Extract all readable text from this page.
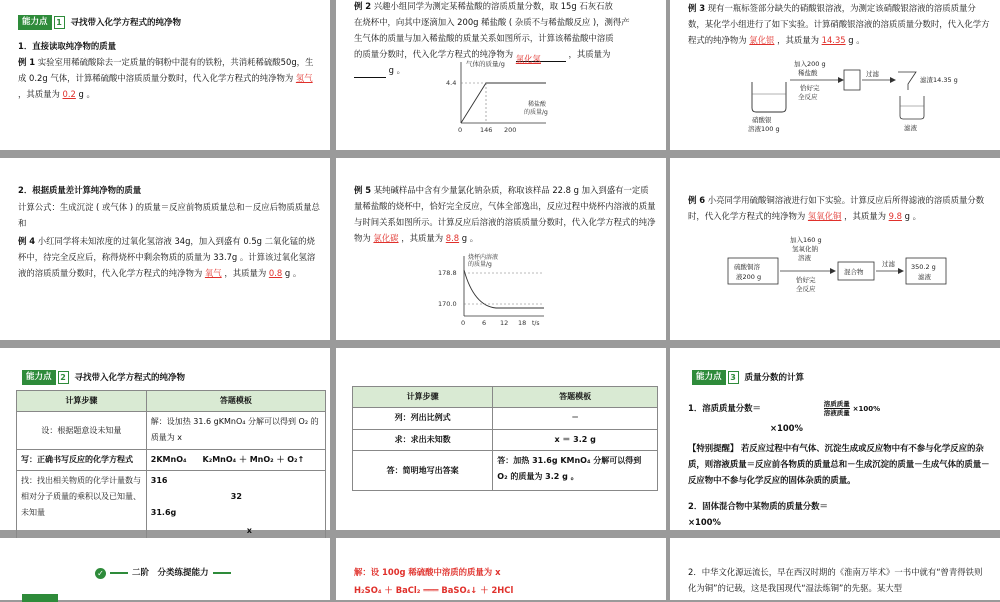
能力点	1	寻找带入化学方程式的纯净物

1．直接读取纯净物的质量

例 1 实验室用稀硫酸除去一定质量的铜粉中混有的铁粉，共消耗稀硫酸50g，生成 0.2g 气体，计算稀硫酸中溶质质量分数时，代入化学方程式的纯净物为 氢气 ，其质量为 0.2 g 。

例 2 兴趣小组同学为测定某稀盐酸的溶质质量分数，取 15g 石灰石放
在烧杯中，向其中逐滴加入 200g 稀盐酸 ( 杂质不与稀盐酸反应 )，测得产
生气体的质量与加入稀盐酸的质量关系如图所示，计算该稀盐酸中溶质
的质量分数时，代入化学方程式的纯净物为 氯化氢	，其质量为
g 。

气体的质量/g
4.4
0	146 200
稀盐酸
的质量/g

例 3 现有一瓶标签部分缺失的硝酸银溶液，为测定该硝酸银溶液的溶质质量分数，某化学小组进行了如下实验。计算硝酸银溶液的溶质质量分数时，代入化学方程式的纯净物为 氯化银 ，其质量为 14.35 g 。

硝酸银
溶液100 g
加入200 g
稀盐酸
恰好完
全反应
过滤
滤渣14.35 g
滤液

2．根据质量差计算纯净物的质量

计算公式：生成沉淀 ( 或气体 ) 的质量＝反应前物质质量总和－反应后物质质量总和

例 4 小红同学将未知浓度的过氧化氢溶液 34g，加入到盛有 0.5g 二氧化锰的烧杯中，待完全反应后，称得烧杯中剩余物质的质量为 33.7g 。计算该过氧化氢溶液的溶质质量分数时，代入化学方程式的纯净物为 氧气 ，其质量为 0.8 g 。

例 5 某纯碱样品中含有少量氯化钠杂质，称取该样品 22.8 g 加入到盛有一定质量稀盐酸的烧杯中，恰好完全反应，气体全部逸出，反应过程中烧杯内溶液的质量与时间关系如图所示。计算反应后溶液的溶质质量分数时，代入化学方程式的纯净物为 氯化碳 ，其质量为 8.8 g 。

烧杯内溶液
的质量/g
178.8
170.0
0	6 12 18 t/s

例 6 小亮同学用硫酸铜溶液进行如下实验。计算反应后所得滤液的溶质质量分数时，代入化学方程式的纯净物为 氢氧化铜 ，其质量为 9.8 g 。

硫酸铜溶
液200 g
加入160 g
氢氧化钠
溶液
恰好完
全反应
混合物
过滤 350.2 g
滤液
能力点	2	寻找带入化学方程式的纯净物
计算步骤	答题模板
设：根据题意设未知量	解：设加热 31.6 gKMnO₄ 分解可以得到 O₂ 的质量为 x
写：正确书写反应的化学方程式	2KMnO₄　　K₂MnO₄ ＋ MnO₂ ＋ O₂↑
找：找出相关物质的化学计量数与相对分子质量的乘积以及已知量、未知量	316
32
31.6g
x
计算步骤	答题模板
列：列出比例式	＝
求：求出未知数	x ＝ 3.2 g
答：简明地写出答案	答：加热 31.6g KMnO₄ 分解可以得到 O₂ 的质量为 3.2 g 。
能力点	3	质量分数的计算

1．溶质质量分数＝	溶质质量
溶液质量 ×100%

×100%

【特别提醒】 若反应过程中有气体、沉淀生成或反应物中有不参与化学反应的杂质，则溶液质量＝反应前各物质的质量总和－生成沉淀的质量－生成气体的质量－反应物中不参与化学反应的固体杂质的质量。

2．固体混合物中某物质的质量分数＝

×100%

✓	二阶　分类练提能力	解：设 100g 稀硫酸中溶质的质量为 x

H₂SO₄ ＋ BaCl₂ ═══ BaSO₄↓ ＋ 2HCl

2．中华文化源远流长，早在西汉时期的《淮南万毕术》一书中就有“曾青得铁则化为铜”的记载，这是我国现代“湿法炼铜”的先驱。某大型
